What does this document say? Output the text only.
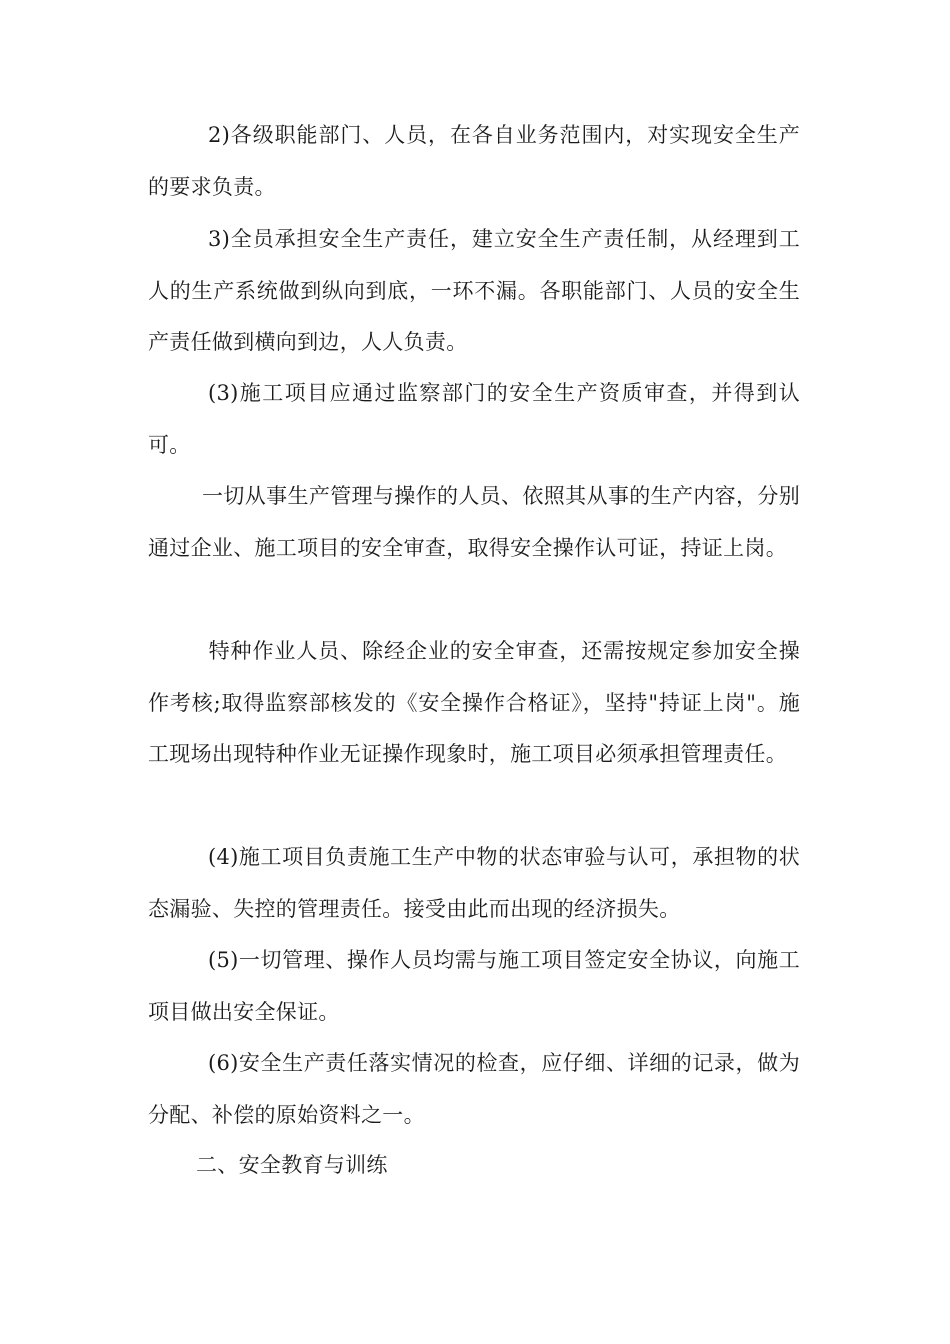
2)各级职能部门、人员，在各自业务范围内，对实现安全生产的要求负责。

3)全员承担安全生产责任，建立安全生产责任制，从经理到工人的生产系统做到纵向到底，一环不漏。各职能部门、人员的安全生产责任做到横向到边，人人负责。

(3)施工项目应通过监察部门的安全生产资质审查，并得到认可。

一切从事生产管理与操作的人员、依照其从事的生产内容，分别通过企业、施工项目的安全审查，取得安全操作认可证，持证上岗。

特种作业人员、除经企业的安全审查，还需按规定参加安全操作考核;取得监察部核发的《安全操作合格证》，坚持"持证上岗"。施工现场出现特种作业无证操作现象时，施工项目必须承担管理责任。

(4)施工项目负责施工生产中物的状态审验与认可，承担物的状态漏验、失控的管理责任。接受由此而出现的经济损失。

(5)一切管理、操作人员均需与施工项目签定安全协议，向施工项目做出安全保证。

(6)安全生产责任落实情况的检查，应仔细、详细的记录，做为分配、补偿的原始资料之一。

二、安全教育与训练
